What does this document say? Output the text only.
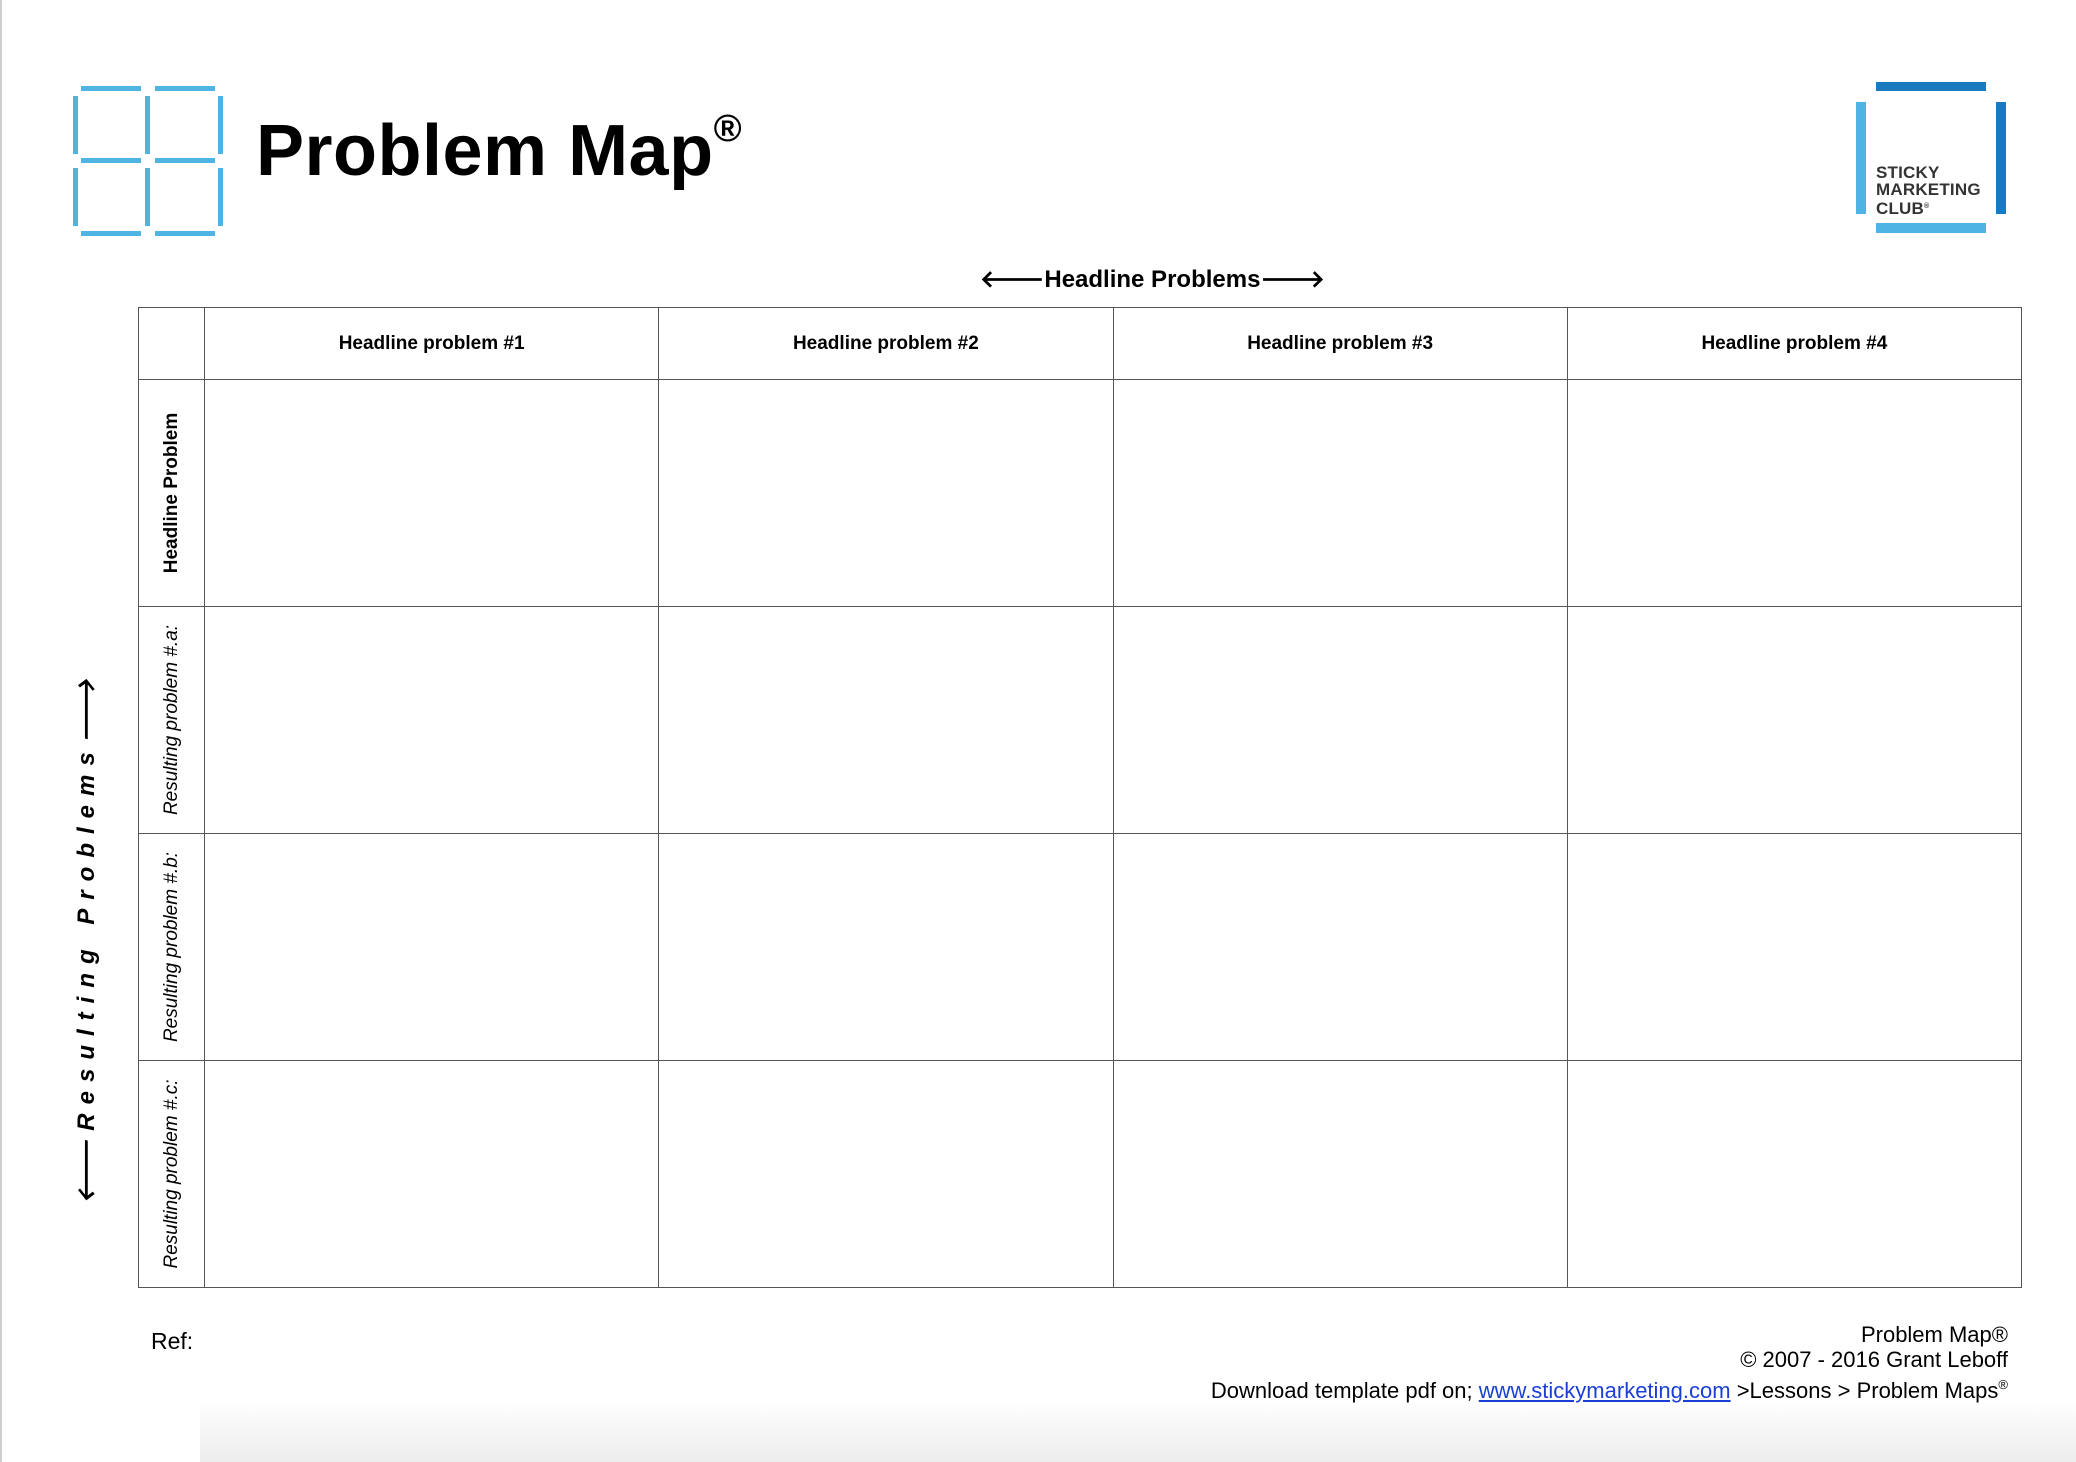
Problem Map®
STICKY
MARKETING
CLUB®
🡐Headline Problems🡒
🡐Resulting Problems🡒
	Headline problem #1	Headline problem #2	Headline problem #3	Headline problem #4

Headline Problem				

Resulting problem #.a:				

Resulting problem #.b:				

Resulting problem #.c:				

Ref:	Problem Map®
© 2007 - 2016 Grant Leboff
Download template pdf on; www.stickymarketing.com >Lessons > Problem Maps®
